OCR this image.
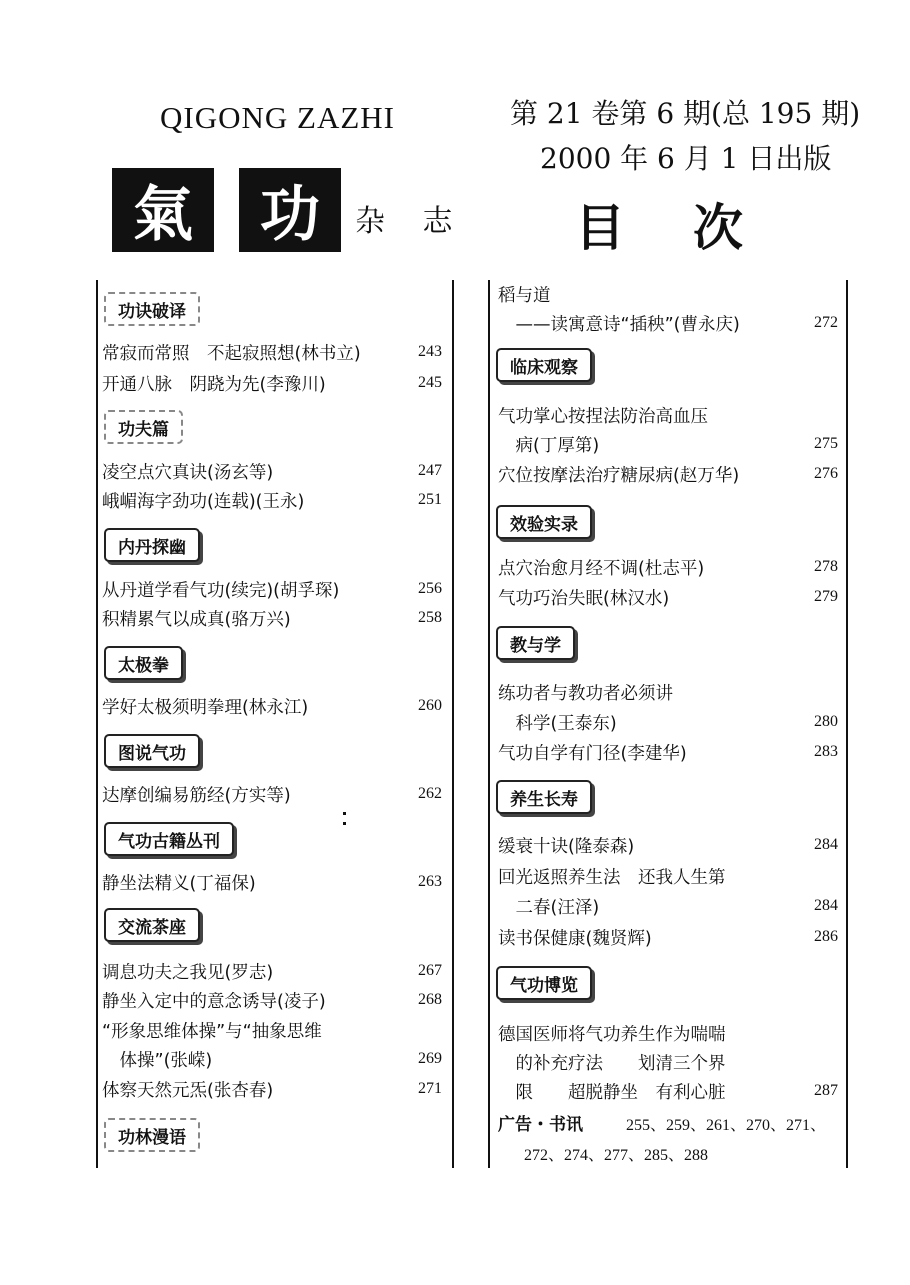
QIGONG ZAZHI
氣	功	杂 志
第 21 卷第 6 期(总 195 期)
2000 年 6 月 1 日出版
目次
功诀破译
功夫篇
内丹探幽
太极拳
图说气功
气功古籍丛刊
交流茶座
功林漫语
常寂而常照　不起寂照想(林书立)	243
开通八脉　阴跷为先(李豫川)	245
凌空点穴真诀(汤玄等)	247
峨嵋海字劲功(连载)(王永)	251
从丹道学看气功(续完)(胡孚琛)	256
积精累气以成真(骆万兴)	258
学好太极须明拳理(林永江)	260
达摩创编易筋经(方实等)	262
静坐法精义(丁福保)	263
调息功夫之我见(罗志)	267
静坐入定中的意念诱导(凌子)	268
“形象思维体操”与“抽象思维
　体操”(张嵘)	269
体察天然元炁(张杏春)	271
稻与道
　——读寓意诗“插秧”(曹永庆)	272
临床观察
气功掌心按捏法防治高血压
　病(丁厚第)	275
穴位按摩法治疗糖尿病(赵万华)	276
效验实录
点穴治愈月经不调(杜志平)	278
气功巧治失眠(林汉水)	279
教与学
练功者与教功者必须讲
　科学(王泰东)	280
气功自学有门径(李建华)	283
养生长寿
缓衰十诀(隆泰森)	284
回光返照养生法　还我人生第
　二春(汪泽)	284
读书保健康(魏贤辉)	286
气功博览
德国医师将气功养生作为喘喘
　的补充疗法　　划清三个界
　限　　超脱静坐　有利心脏	287
广告・书讯	255、259、261、270、271、
272、274、277、285、288
